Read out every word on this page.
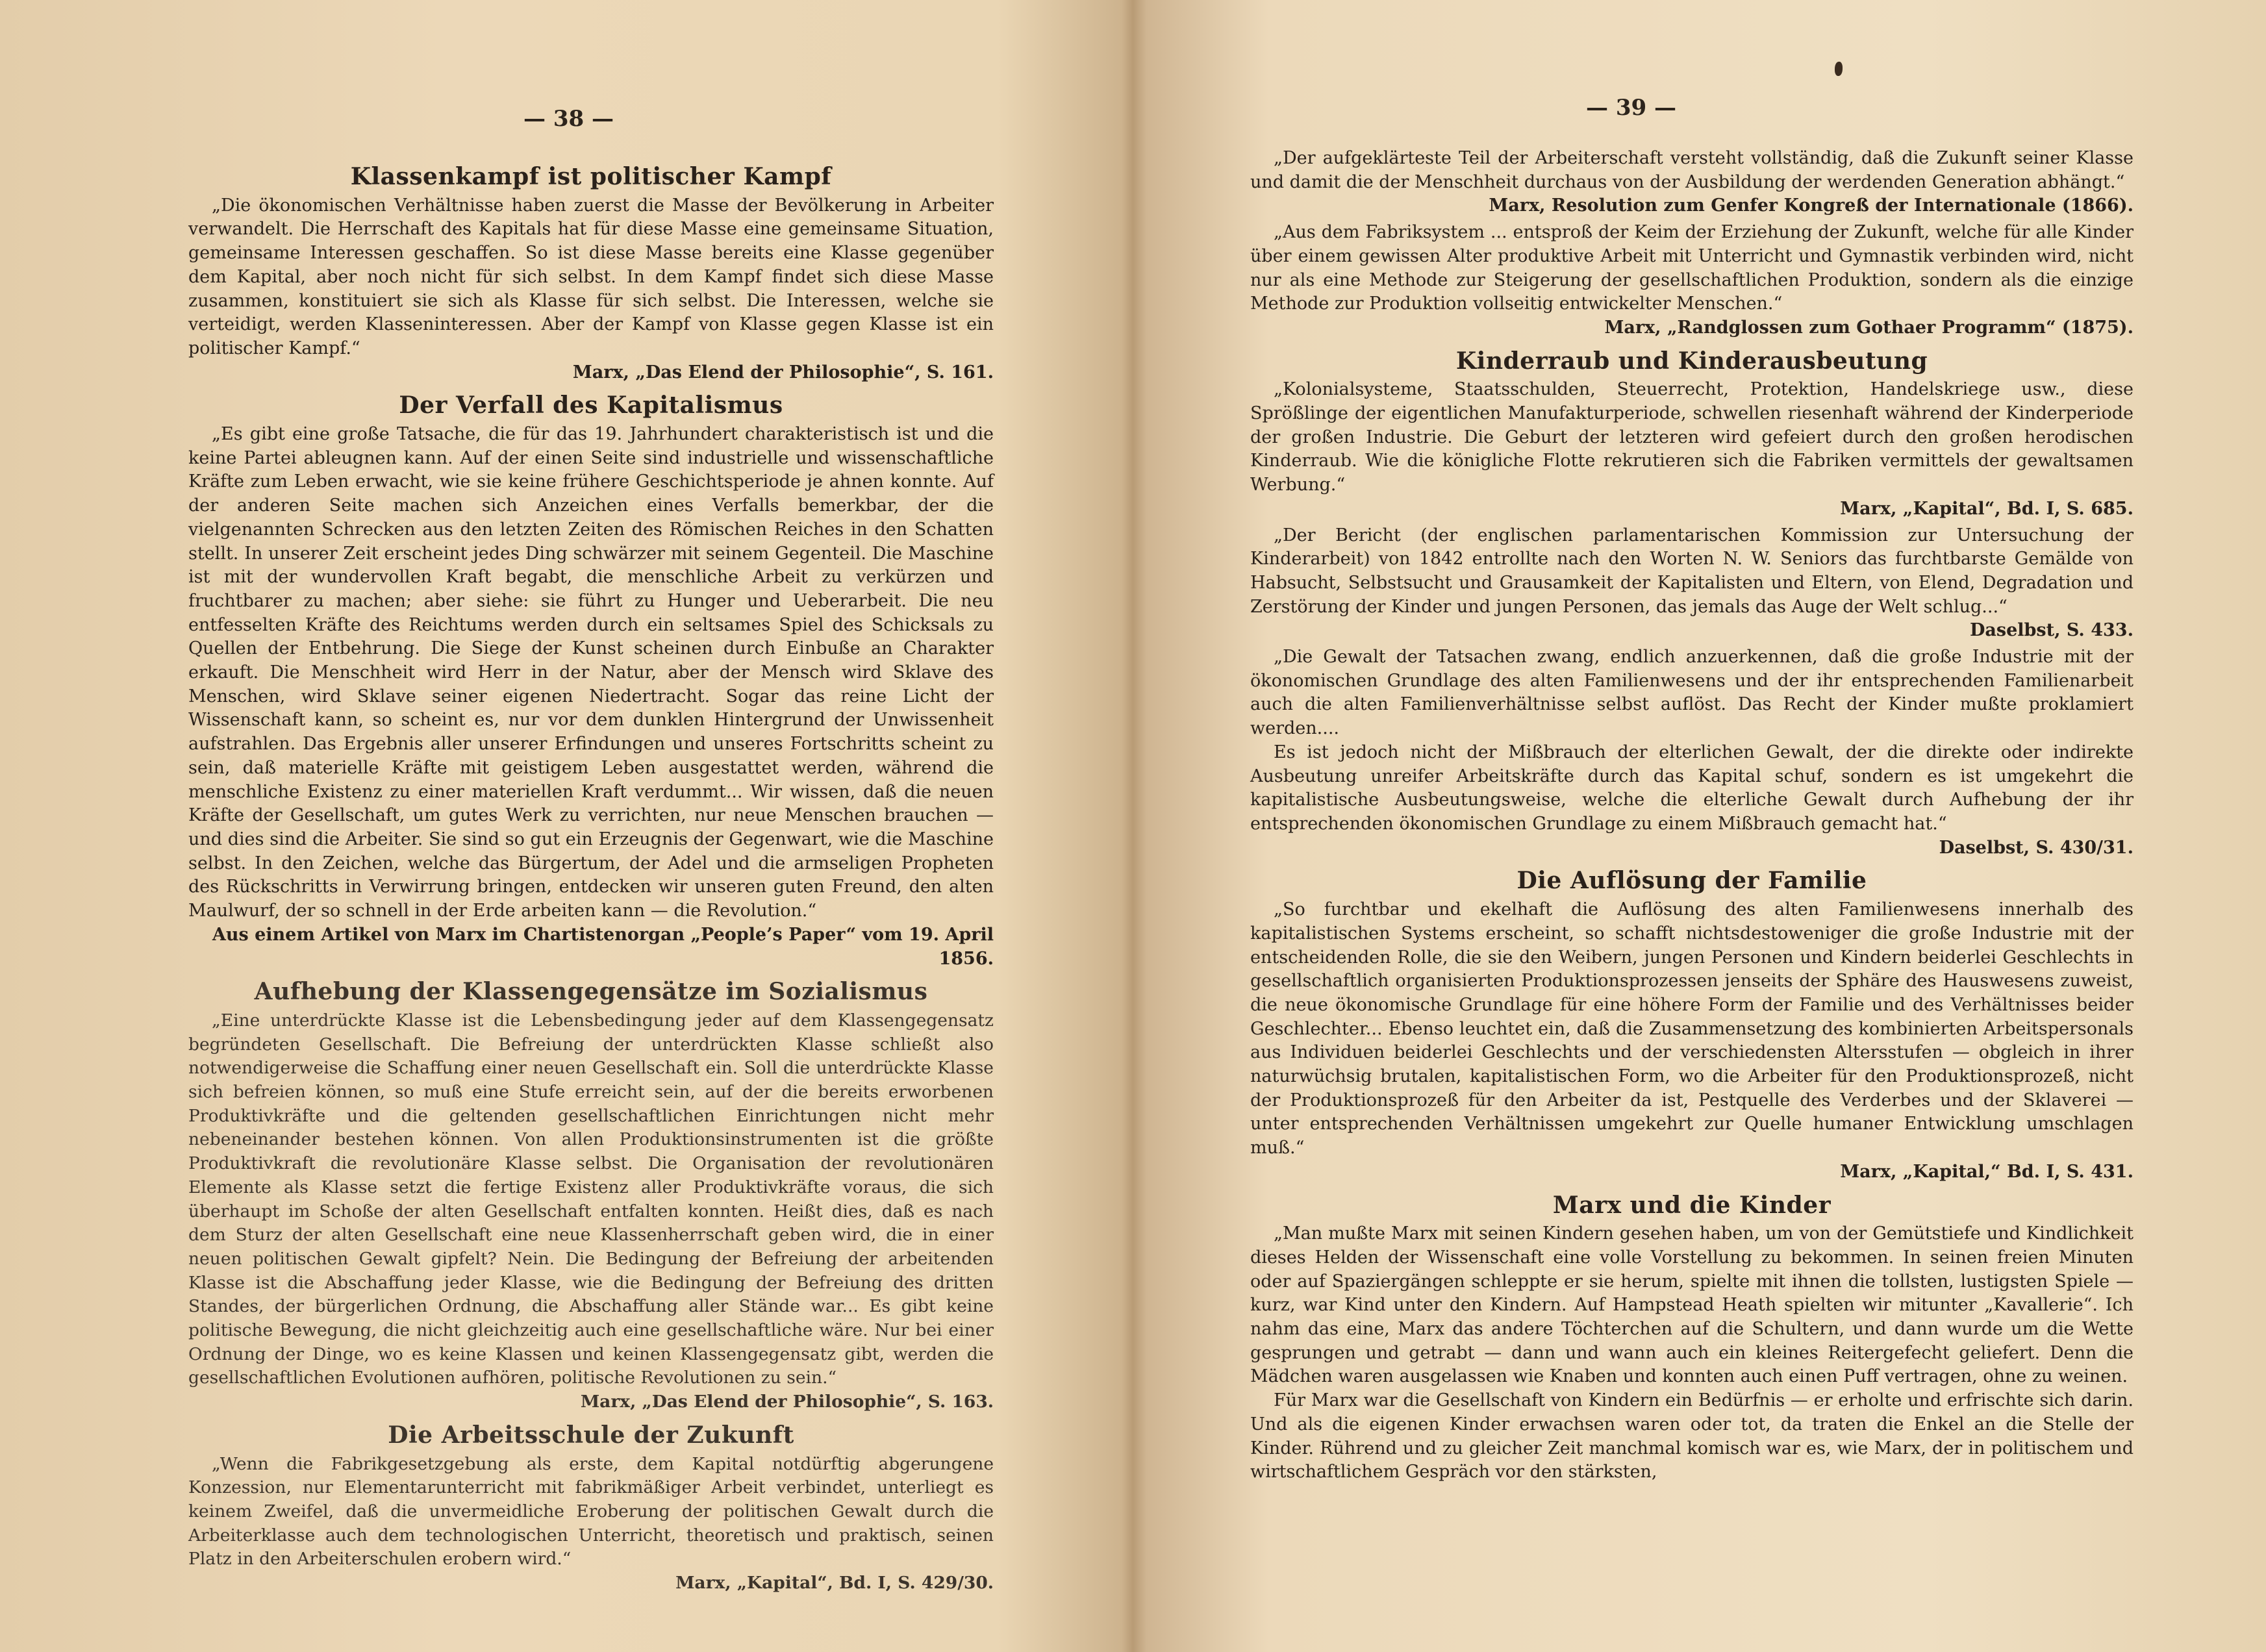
— 38 —
Klassenkampf ist politischer Kampf

„Die ökonomischen Verhältnisse haben zuerst die Masse der Bevölkerung in Arbeiter verwandelt. Die Herrschaft des Kapitals hat für diese Masse eine gemeinsame Situation, gemeinsame Interessen geschaffen. So ist diese Masse bereits eine Klasse gegenüber dem Kapital, aber noch nicht für sich selbst. In dem Kampf findet sich diese Masse zusammen, konstituiert sie sich als Klasse für sich selbst. Die Interessen, welche sie verteidigt, werden Klasseninteressen. Aber der Kampf von Klasse gegen Klasse ist ein politischer Kampf.“

Marx, „Das Elend der Philosophie“, S. 161.
Der Verfall des Kapitalismus

„Es gibt eine große Tatsache, die für das 19. Jahrhundert charakteristisch ist und die keine Partei ableugnen kann. Auf der einen Seite sind industrielle und wissenschaftliche Kräfte zum Leben erwacht, wie sie keine frühere Geschichtsperiode je ahnen konnte. Auf der anderen Seite machen sich Anzeichen eines Verfalls bemerkbar, der die vielgenannten Schrecken aus den letzten Zeiten des Römischen Reiches in den Schatten stellt. In unserer Zeit erscheint jedes Ding schwärzer mit seinem Gegenteil. Die Maschine ist mit der wundervollen Kraft begabt, die menschliche Arbeit zu verkürzen und fruchtbarer zu machen; aber siehe: sie führt zu Hunger und Ueberarbeit. Die neu entfesselten Kräfte des Reichtums werden durch ein seltsames Spiel des Schicksals zu Quellen der Entbehrung. Die Siege der Kunst scheinen durch Einbuße an Charakter erkauft. Die Menschheit wird Herr in der Natur, aber der Mensch wird Sklave des Menschen, wird Sklave seiner eigenen Niedertracht. Sogar das reine Licht der Wissenschaft kann, so scheint es, nur vor dem dunklen Hintergrund der Unwissenheit aufstrahlen. Das Ergebnis aller unserer Erfindungen und unseres Fortschritts scheint zu sein, daß materielle Kräfte mit geistigem Leben ausgestattet werden, während die menschliche Existenz zu einer materiellen Kraft verdummt... Wir wissen, daß die neuen Kräfte der Gesellschaft, um gutes Werk zu verrichten, nur neue Menschen brauchen — und dies sind die Arbeiter. Sie sind so gut ein Erzeugnis der Gegenwart, wie die Maschine selbst. In den Zeichen, welche das Bürgertum, der Adel und die armseligen Propheten des Rückschritts in Verwirrung bringen, entdecken wir unseren guten Freund, den alten Maulwurf, der so schnell in der Erde arbeiten kann — die Revolution.“

Aus einem Artikel von Marx im Chartistenorgan „People’s Paper“ vom 19. April 1856.
Aufhebung der Klassengegensätze im Sozialismus

„Eine unterdrückte Klasse ist die Lebensbedingung jeder auf dem Klassengegensatz begründeten Gesellschaft. Die Befreiung der unterdrückten Klasse schließt also notwendigerweise die Schaffung einer neuen Gesellschaft ein. Soll die unterdrückte Klasse sich befreien können, so muß eine Stufe erreicht sein, auf der die bereits erworbenen Produktivkräfte und die geltenden gesellschaftlichen Einrichtungen nicht mehr nebeneinander bestehen können. Von allen Produktionsinstrumenten ist die größte Produktivkraft die revolutionäre Klasse selbst. Die Organisation der revolutionären Elemente als Klasse setzt die fertige Existenz aller Produktivkräfte voraus, die sich überhaupt im Schoße der alten Gesellschaft entfalten konnten. Heißt dies, daß es nach dem Sturz der alten Gesellschaft eine neue Klassenherrschaft geben wird, die in einer neuen politischen Gewalt gipfelt? Nein. Die Bedingung der Befreiung der arbeitenden Klasse ist die Abschaffung jeder Klasse, wie die Bedingung der Befreiung des dritten Standes, der bürgerlichen Ordnung, die Abschaffung aller Stände war... Es gibt keine politische Bewegung, die nicht gleichzeitig auch eine gesellschaftliche wäre. Nur bei einer Ordnung der Dinge, wo es keine Klassen und keinen Klassengegensatz gibt, werden die gesellschaftlichen Evolutionen aufhören, politische Revolutionen zu sein.“

Marx, „Das Elend der Philosophie“, S. 163.
Die Arbeitsschule der Zukunft

„Wenn die Fabrikgesetzgebung als erste, dem Kapital notdürftig abgerungene Konzession, nur Elementarunterricht mit fabrikmäßiger Arbeit verbindet, unterliegt es keinem Zweifel, daß die unvermeidliche Eroberung der politischen Gewalt durch die Arbeiterklasse auch dem technologischen Unterricht, theoretisch und praktisch, seinen Platz in den Arbeiterschulen erobern wird.“

Marx, „Kapital“, Bd. I, S. 429/30.
— 39 —

„Der aufgeklärteste Teil der Arbeiterschaft versteht vollständig, daß die Zukunft seiner Klasse und damit die der Menschheit durchaus von der Ausbildung der werdenden Generation abhängt.“

Marx, Resolution zum Genfer Kongreß der Internationale (1866).

„Aus dem Fabriksystem ... entsproß der Keim der Erziehung der Zukunft, welche für alle Kinder über einem gewissen Alter produktive Arbeit mit Unterricht und Gymnastik verbinden wird, nicht nur als eine Methode zur Steigerung der gesellschaftlichen Produktion, sondern als die einzige Methode zur Produktion vollseitig entwickelter Menschen.“

Marx, „Randglossen zum Gothaer Programm“ (1875).
Kinderraub und Kinderausbeutung

„Kolonialsysteme, Staatsschulden, Steuerrecht, Protektion, Handelskriege usw., diese Sprößlinge der eigentlichen Manufakturperiode, schwellen riesenhaft während der Kinderperiode der großen Industrie. Die Geburt der letzteren wird gefeiert durch den großen herodischen Kinderraub. Wie die königliche Flotte rekrutieren sich die Fabriken vermittels der gewaltsamen Werbung.“

Marx, „Kapital“, Bd. I, S. 685.

„Der Bericht (der englischen parlamentarischen Kommission zur Untersuchung der Kinderarbeit) von 1842 entrollte nach den Worten N. W. Seniors das furchtbarste Gemälde von Habsucht, Selbstsucht und Grausamkeit der Kapitalisten und Eltern, von Elend, Degradation und Zerstörung der Kinder und jungen Personen, das jemals das Auge der Welt schlug...“

Daselbst, S. 433.

„Die Gewalt der Tatsachen zwang, endlich anzuerkennen, daß die große Industrie mit der ökonomischen Grundlage des alten Familienwesens und der ihr entsprechenden Familienarbeit auch die alten Familienverhältnisse selbst auflöst. Das Recht der Kinder mußte proklamiert werden....

Es ist jedoch nicht der Mißbrauch der elterlichen Gewalt, der die direkte oder indirekte Ausbeutung unreifer Arbeitskräfte durch das Kapital schuf, sondern es ist umgekehrt die kapitalistische Ausbeutungsweise, welche die elterliche Gewalt durch Aufhebung der ihr entsprechenden ökonomischen Grundlage zu einem Mißbrauch gemacht hat.“

Daselbst, S. 430/31.
Die Auflösung der Familie

„So furchtbar und ekelhaft die Auflösung des alten Familienwesens innerhalb des kapitalistischen Systems erscheint, so schafft nichtsdestoweniger die große Industrie mit der entscheidenden Rolle, die sie den Weibern, jungen Personen und Kindern beiderlei Geschlechts in gesellschaftlich organisierten Produktionsprozessen jenseits der Sphäre des Hauswesens zuweist, die neue ökonomische Grundlage für eine höhere Form der Familie und des Verhältnisses beider Geschlechter... Ebenso leuchtet ein, daß die Zusammensetzung des kombinierten Arbeitspersonals aus Individuen beiderlei Geschlechts und der verschiedensten Altersstufen — obgleich in ihrer naturwüchsig brutalen, kapitalistischen Form, wo die Arbeiter für den Produktionsprozeß, nicht der Produktionsprozeß für den Arbeiter da ist, Pestquelle des Verderbes und der Sklaverei — unter entsprechenden Verhältnissen umgekehrt zur Quelle humaner Entwicklung umschlagen muß.“

Marx, „Kapital,“ Bd. I, S. 431.
Marx und die Kinder

„Man mußte Marx mit seinen Kindern gesehen haben, um von der Gemütstiefe und Kindlichkeit dieses Helden der Wissenschaft eine volle Vorstellung zu bekommen. In seinen freien Minuten oder auf Spaziergängen schleppte er sie herum, spielte mit ihnen die tollsten, lustigsten Spiele — kurz, war Kind unter den Kindern. Auf Hampstead Heath spielten wir mitunter „Kavallerie“. Ich nahm das eine, Marx das andere Töchterchen auf die Schultern, und dann wurde um die Wette gesprungen und getrabt — dann und wann auch ein kleines Reitergefecht geliefert. Denn die Mädchen waren ausgelassen wie Knaben und konnten auch einen Puff vertragen, ohne zu weinen.

Für Marx war die Gesellschaft von Kindern ein Bedürfnis — er erholte und erfrischte sich darin. Und als die eigenen Kinder erwachsen waren oder tot, da traten die Enkel an die Stelle der Kinder. Rührend und zu gleicher Zeit manchmal komisch war es, wie Marx, der in politischem und wirtschaftlichem Gespräch vor den stärksten,
